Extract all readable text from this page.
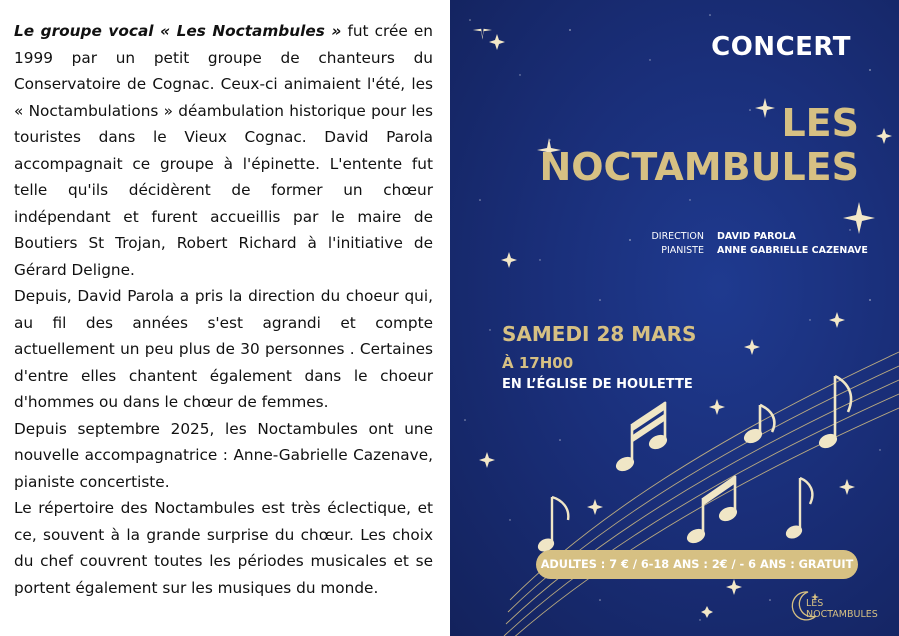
Le groupe vocal « Les Noctambules » fut crée en 1999 par un petit groupe de chanteurs du Conservatoire de Cognac. Ceux-ci animaient l'été, les « Noctambulations » déambulation historique pour les touristes dans le Vieux Cognac. David Parola accompagnait ce groupe à l'épinette. L'entente fut telle qu'ils décidèrent de former un chœur indépendant et furent accueillis par le maire de Boutiers St Trojan, Robert Richard à l'initiative de Gérard Deligne.

Depuis, David Parola a pris la direction du choeur qui, au fil des années s'est agrandi et compte actuellement un peu plus de 30 personnes . Certaines d'entre elles chantent également dans le choeur d'hommes ou dans le chœur de femmes.

Depuis septembre 2025, les Noctambules ont une nouvelle accompagnatrice : Anne-Gabrielle Cazenave, pianiste concertiste.

Le répertoire des Noctambules est très éclectique, et ce, souvent à la grande surprise du chœur. Les choix du chef couvrent toutes les périodes musicales et se portent également sur les musiques du monde.

CONCERT
LES
NOCTAMBULES
DIRECTION
PIANISTE
DAVID PAROLA
ANNE GABRIELLE CAZENAVE
SAMEDI 28 MARS
À 17H00
EN L’ÉGLISE DE HOULETTE
ADULTES : 7 € / 6-18 ANS : 2€ / - 6 ANS : GRATUIT
LES
NOCTAMBULES
